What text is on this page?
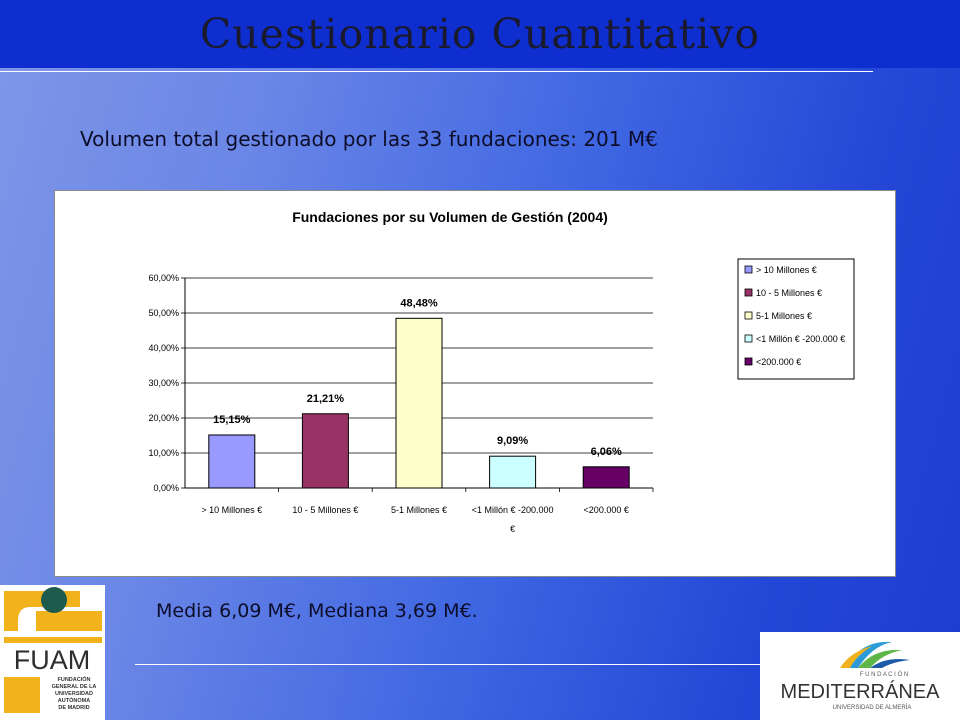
Cuestionario Cuantitativo
Volumen total gestionado por las 33 fundaciones: 201 M€
Fundaciones por su Volumen de Gestión (2004)
0,00%
10,00%
20,00%
30,00%
40,00%
50,00%
60,00%
15,15%
21,21%
48,48%
9,09%
6,06%
> 10 Millones €	10 - 5 Millones €	5-1 Millones €	<1 Millón € -200.000 €
<200.000 €
> 10 Millones €
10 - 5 Millones €
5-1 Millones €
<1 Millón € -200.000 €
<200.000 €
Media 6,09 M€, Mediana 3,69 M€.
FUAM
FUNDACIÓN
GENERAL DE LA
UNIVERSIDAD
AUTÓNOMA
DE MADRID
F U N D A C I Ó N
MEDITERRÁNEA
UNIVERSIDAD DE ALMERÍA
